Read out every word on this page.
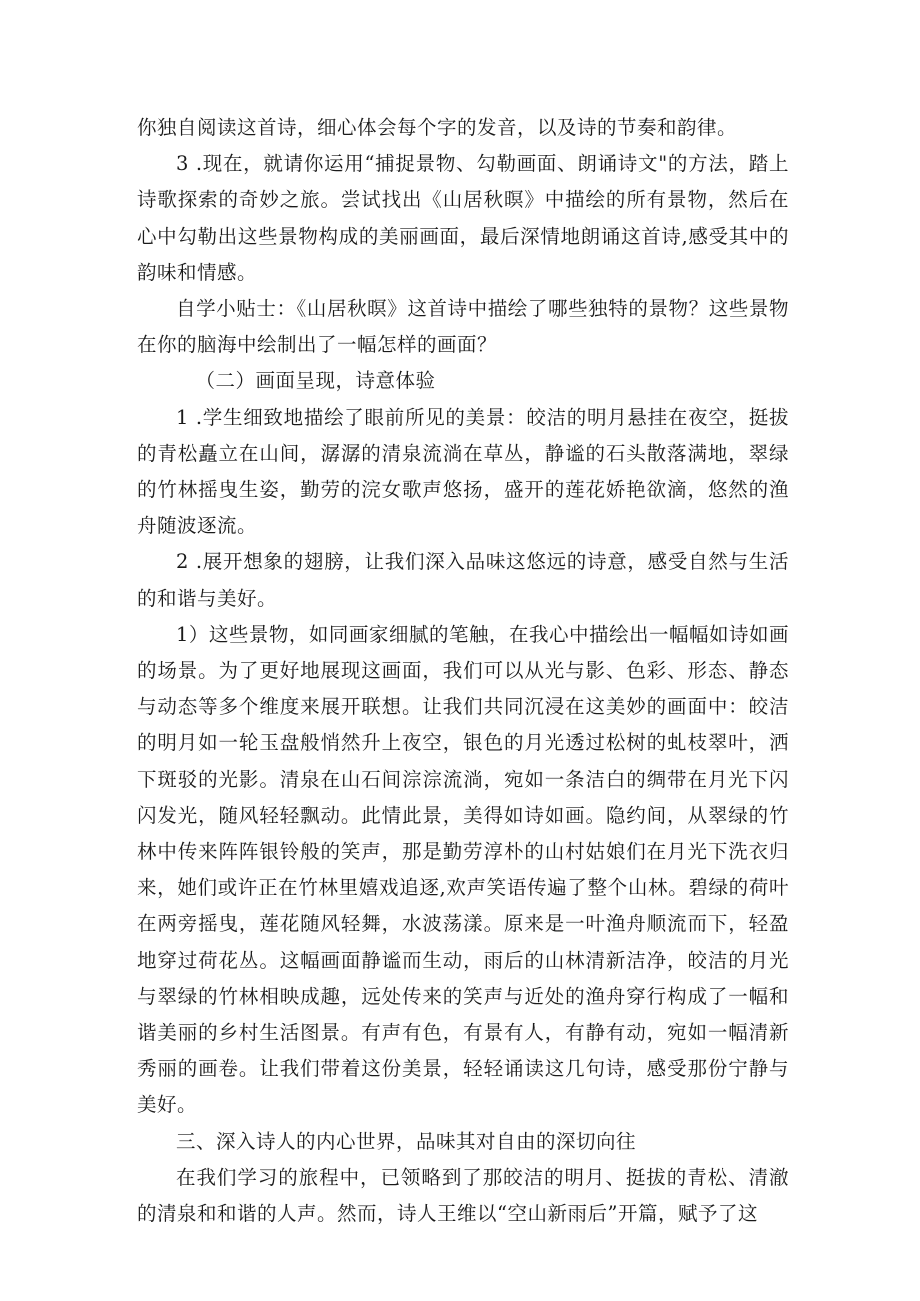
你独自阅读这首诗，细心体会每个字的发音，以及诗的节奏和韵律。

3 .现在，就请你运用“捕捉景物、勾勒画面、朗诵诗文"的方法，踏上诗歌探索的奇妙之旅。尝试找出《山居秋暝》中描绘的所有景物，然后在心中勾勒出这些景物构成的美丽画面，最后深情地朗诵这首诗,感受其中的韵味和情感。

自学小贴士：《山居秋暝》这首诗中描绘了哪些独特的景物？这些景物在你的脑海中绘制出了一幅怎样的画面？

（二）画面呈现，诗意体验

1 .学生细致地描绘了眼前所见的美景：皎洁的明月悬挂在夜空，挺拔的青松矗立在山间，潺潺的清泉流淌在草丛，静谧的石头散落满地，翠绿的竹林摇曳生姿，勤劳的浣女歌声悠扬，盛开的莲花娇艳欲滴，悠然的渔舟随波逐流。

2 .展开想象的翅膀，让我们深入品味这悠远的诗意，感受自然与生活的和谐与美好。

1）这些景物，如同画家细腻的笔触，在我心中描绘出一幅幅如诗如画的场景。为了更好地展现这画面，我们可以从光与影、色彩、形态、静态与动态等多个维度来展开联想。让我们共同沉浸在这美妙的画面中：皎洁的明月如一轮玉盘般悄然升上夜空，银色的月光透过松树的虬枝翠叶，洒下斑驳的光影。清泉在山石间淙淙流淌，宛如一条洁白的绸带在月光下闪闪发光，随风轻轻飘动。此情此景，美得如诗如画。隐约间，从翠绿的竹林中传来阵阵银铃般的笑声，那是勤劳淳朴的山村姑娘们在月光下洗衣归来，她们或许正在竹林里嬉戏追逐,欢声笑语传遍了整个山林。碧绿的荷叶在两旁摇曳，莲花随风轻舞，水波荡漾。原来是一叶渔舟顺流而下，轻盈地穿过荷花丛。这幅画面静谧而生动，雨后的山林清新洁净，皎洁的月光与翠绿的竹林相映成趣，远处传来的笑声与近处的渔舟穿行构成了一幅和谐美丽的乡村生活图景。有声有色，有景有人，有静有动，宛如一幅清新秀丽的画卷。让我们带着这份美景，轻轻诵读这几句诗，感受那份宁静与美好。

三、深入诗人的内心世界，品味其对自由的深切向往

在我们学习的旅程中，已领略到了那皎洁的明月、挺拔的青松、清澈的清泉和和谐的人声。然而，诗人王维以“空山新雨后”开篇，赋予了这
